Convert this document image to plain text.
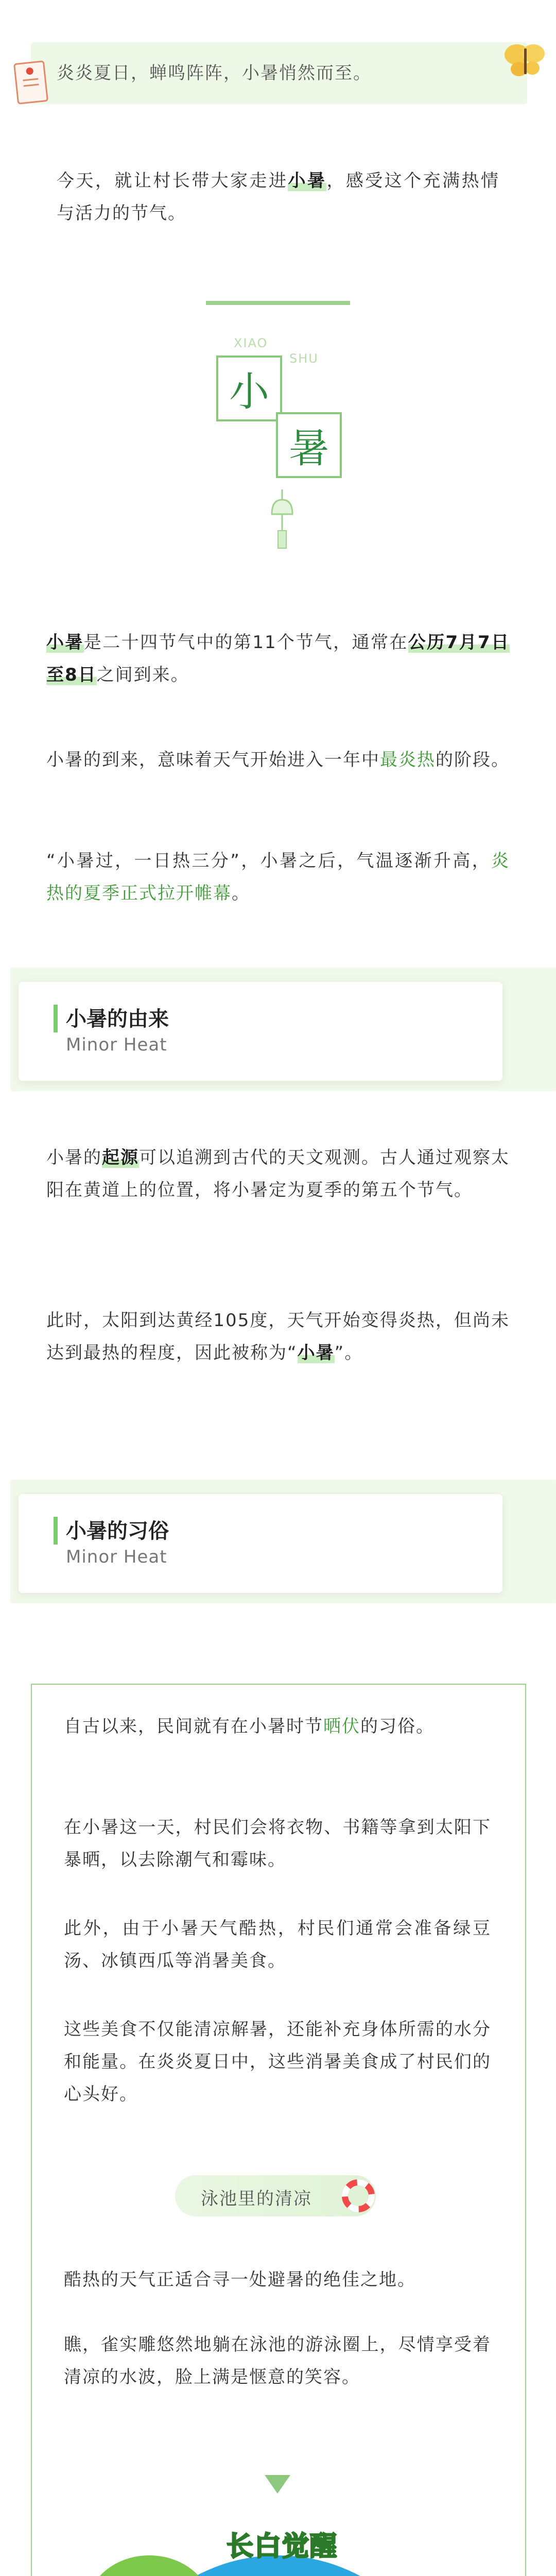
炎炎夏日，蝉鸣阵阵，小暑悄然而至。
今天，就让村长带大家走进小暑，感受这个充满热情与活力的节气。
XIAO
SHU
小
暑
小暑是二十四节气中的第11个节气，通常在公历7月7日至8日之间到来。
小暑的到来，意味着天气开始进入一年中最炎热的阶段。
“小暑过，一日热三分”，小暑之后，气温逐渐升高，炎热的夏季正式拉开帷幕。
小暑的由来
Minor Heat
小暑的起源可以追溯到古代的天文观测。古人通过观察太阳在黄道上的位置，将小暑定为夏季的第五个节气。
此时，太阳到达黄经105度，天气开始变得炎热，但尚未达到最热的程度，因此被称为“小暑”。
小暑的习俗
Minor Heat
自古以来，民间就有在小暑时节晒伏的习俗。
在小暑这一天，村民们会将衣物、书籍等拿到太阳下暴晒，以去除潮气和霉味。
此外，由于小暑天气酷热，村民们通常会准备绿豆汤、冰镇西瓜等消暑美食。
这些美食不仅能清凉解暑，还能补充身体所需的水分和能量。在炎炎夏日中，这些消暑美食成了村民们的心头好。
泳池里的清凉
酷热的天气正适合寻一处避暑的绝佳之地。
瞧，雀实雕悠然地躺在泳池的游泳圈上，尽情享受着清凉的水波，脸上满是惬意的笑容。
长白觉醒
